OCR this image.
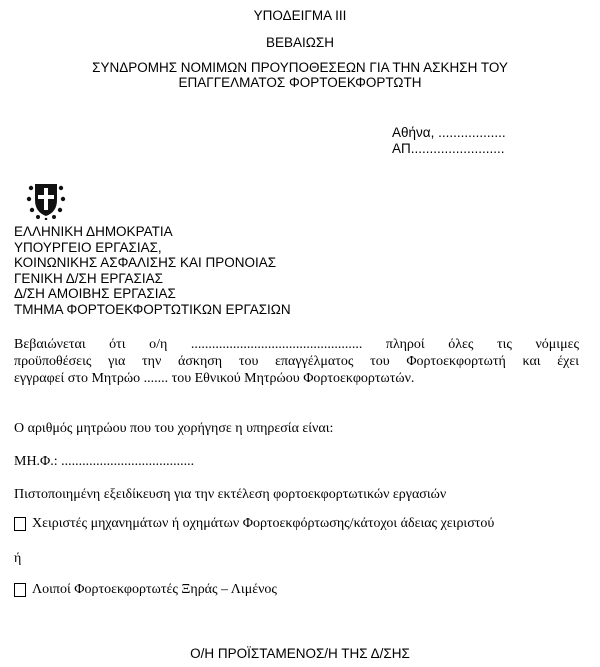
ΥΠΟΔΕΙΓΜΑ ΙΙΙ
ΒΕΒΑΙΩΣΗ
ΣΥΝΔΡΟΜΗΣ ΝΟΜΙΜΩΝ ΠΡΟΥΠΟΘΕΣΕΩΝ ΓΙΑ ΤΗΝ ΑΣΚΗΣΗ ΤΟΥ
ΕΠΑΓΓΕΛΜΑΤΟΣ ΦΟΡΤΟΕΚΦΟΡΤΩΤΗ
Αθήνα, ..................
ΑΠ.........................
ΕΛΛΗΝΙΚΗ ΔΗΜΟΚΡΑΤΙΑ
ΥΠΟΥΡΓΕΙΟ ΕΡΓΑΣΙΑΣ,
ΚΟΙΝΩΝΙΚΗΣ ΑΣΦΑΛΙΣΗΣ ΚΑΙ ΠΡΟΝΟΙΑΣ
ΓΕΝΙΚΗ Δ/ΣΗ ΕΡΓΑΣΙΑΣ
Δ/ΣΗ ΑΜΟΙΒΗΣ ΕΡΓΑΣΙΑΣ
ΤΜΗΜΑ ΦΟΡΤΟΕΚΦΟΡΤΩΤΙΚΩΝ ΕΡΓΑΣΙΩΝ
Βεβαιώνεται ότι ο/η ................................................. πληροί όλες τις νόμιμες
προϋποθέσεις για την άσκηση του επαγγέλματος του Φορτοεκφορτωτή και έχει
εγγραφεί στο Μητρώο ....... του Εθνικού Μητρώου Φορτοεκφορτωτών.
Ο αριθμός μητρώου που του χορήγησε η υπηρεσία είναι:
ΜΗ.Φ.: ......................................
Πιστοποιημένη εξειδίκευση για την εκτέλεση φορτοεκφορτωτικών εργασιών
Χειριστές μηχανημάτων ή οχημάτων Φορτοεκφόρτωσης/κάτοχοι άδειας χειριστού
ή
Λοιποί Φορτοεκφορτωτές Ξηράς – Λιμένος
Ο/Η ΠΡΟΪΣΤΑΜΕΝΟΣ/Η ΤΗΣ Δ/ΣΗΣ
